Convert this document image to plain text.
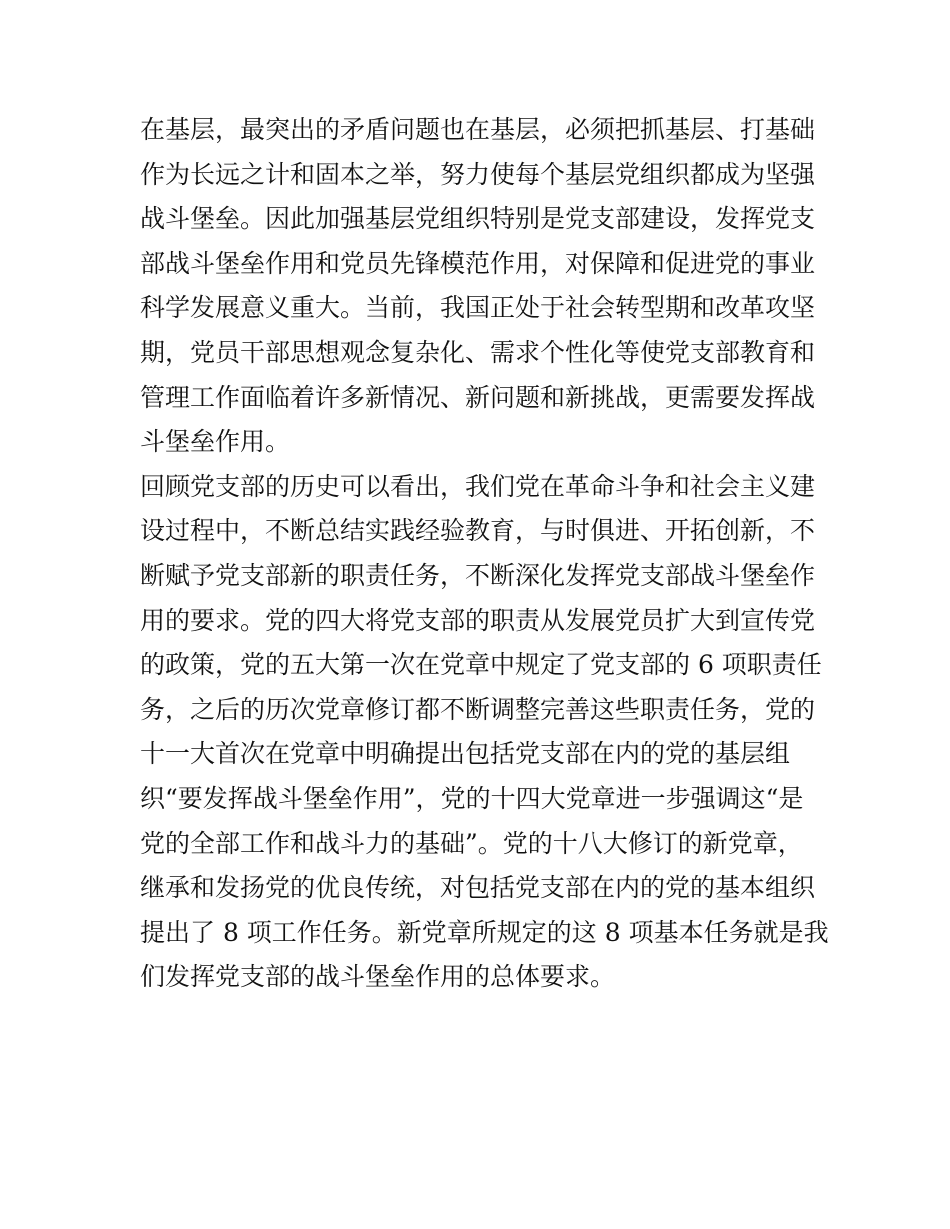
在基层，最突出的矛盾问题也在基层，必须把抓基层、打基础
作为长远之计和固本之举，努力使每个基层党组织都成为坚强
战斗堡垒。因此加强基层党组织特别是党支部建设，发挥党支
部战斗堡垒作用和党员先锋模范作用，对保障和促进党的事业
科学发展意义重大。当前，我国正处于社会转型期和改革攻坚
期，党员干部思想观念复杂化、需求个性化等使党支部教育和
管理工作面临着许多新情况、新问题和新挑战，更需要发挥战
斗堡垒作用。
回顾党支部的历史可以看出，我们党在革命斗争和社会主义建
设过程中，不断总结实践经验教育，与时俱进、开拓创新，不
断赋予党支部新的职责任务，不断深化发挥党支部战斗堡垒作
用的要求。党的四大将党支部的职责从发展党员扩大到宣传党
的政策，党的五大第一次在党章中规定了党支部的 6 项职责任
务，之后的历次党章修订都不断调整完善这些职责任务，党的
十一大首次在党章中明确提出包括党支部在内的党的基层组
织“要发挥战斗堡垒作用”，党的十四大党章进一步强调这“是
党的全部工作和战斗力的基础”。党的十八大修订的新党章，
继承和发扬党的优良传统，对包括党支部在内的党的基本组织
提出了 8 项工作任务。新党章所规定的这 8 项基本任务就是我
们发挥党支部的战斗堡垒作用的总体要求。
